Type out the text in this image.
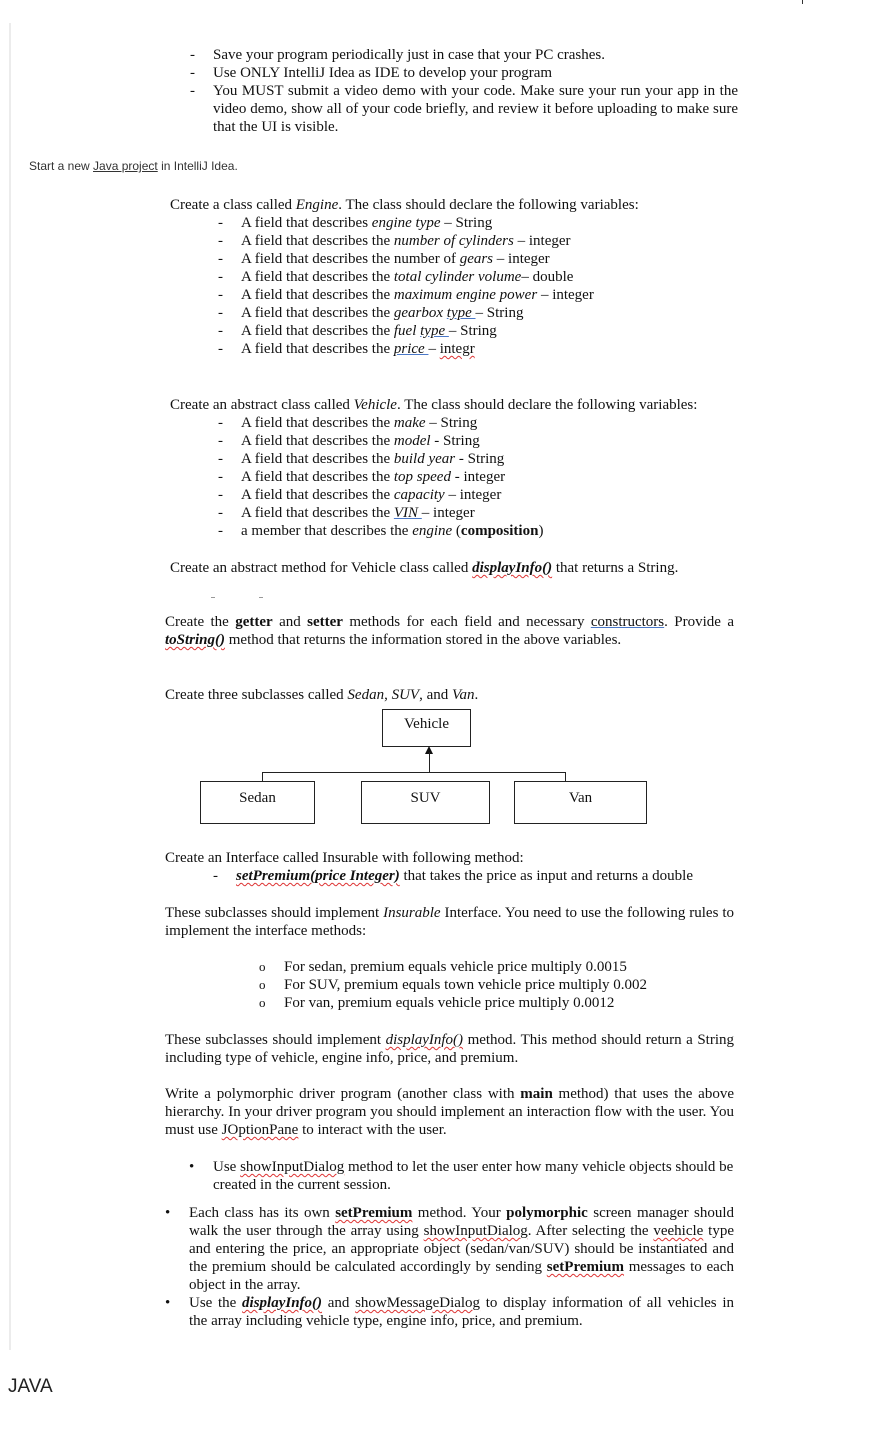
- Save your program periodically just in case that your PC crashes.
- Use ONLY IntelliJ Idea as IDE to develop your program
- You MUST submit a video demo with your code. Make sure your run your app in the video demo, show all of your code briefly, and review it before uploading to make sure that the UI is visible.
Start a new Java project in IntelliJ Idea.
Create a class called Engine. The class should declare the following variables:
- A field that describes engine type – String
- A field that describes the number of cylinders – integer
- A field that describes the number of gears – integer
- A field that describes the total cylinder volume– double
- A field that describes the maximum engine power – integer
- A field that describes the gearbox type – String
- A field that describes the fuel type – String
- A field that describes the price – integr
Create an abstract class called Vehicle. The class should declare the following variables:
- A field that describes the make – String
- A field that describes the model - String
- A field that describes the build year - String
- A field that describes the top speed - integer
- A field that describes the capacity – integer
- A field that describes the VIN – integer
- a member that describes the engine (composition)
Create an abstract method for Vehicle class called displayInfo() that returns a String.
Create the getter and setter methods for each field and necessary constructors. Provide a toString() method that returns the information stored in the above variables.
Create three subclasses called Sedan, SUV, and Van.
Vehicle
Sedan	SUV	Van
Create an Interface called Insurable with following method:
- setPremium(price Integer) that takes the price as input and returns a double
These subclasses should implement Insurable Interface. You need to use the following rules to implement the interface methods:
o For sedan, premium equals vehicle price multiply 0.0015
o For SUV, premium equals town vehicle price multiply 0.002
o For van, premium equals vehicle price multiply 0.0012
These subclasses should implement displayInfo() method. This method should return a String including type of vehicle, engine info, price, and premium.
Write a polymorphic driver program (another class with main method) that uses the above hierarchy. In your driver program you should implement an interaction flow with the user. You must use JOptionPane to interact with the user.
• Use showInputDialog method to let the user enter how many vehicle objects should be created in the current session.
• Each class has its own setPremium method. Your polymorphic screen manager should walk the user through the array using showInputDialog. After selecting the veehicle type and entering the price, an appropriate object (sedan/van/SUV) should be instantiated and the premium should be calculated accordingly by sending setPremium messages to each object in the array.
• Use the displayInfo() and showMessageDialog to display information of all vehicles in the array including vehicle type, engine info, price, and premium.
JAVA
